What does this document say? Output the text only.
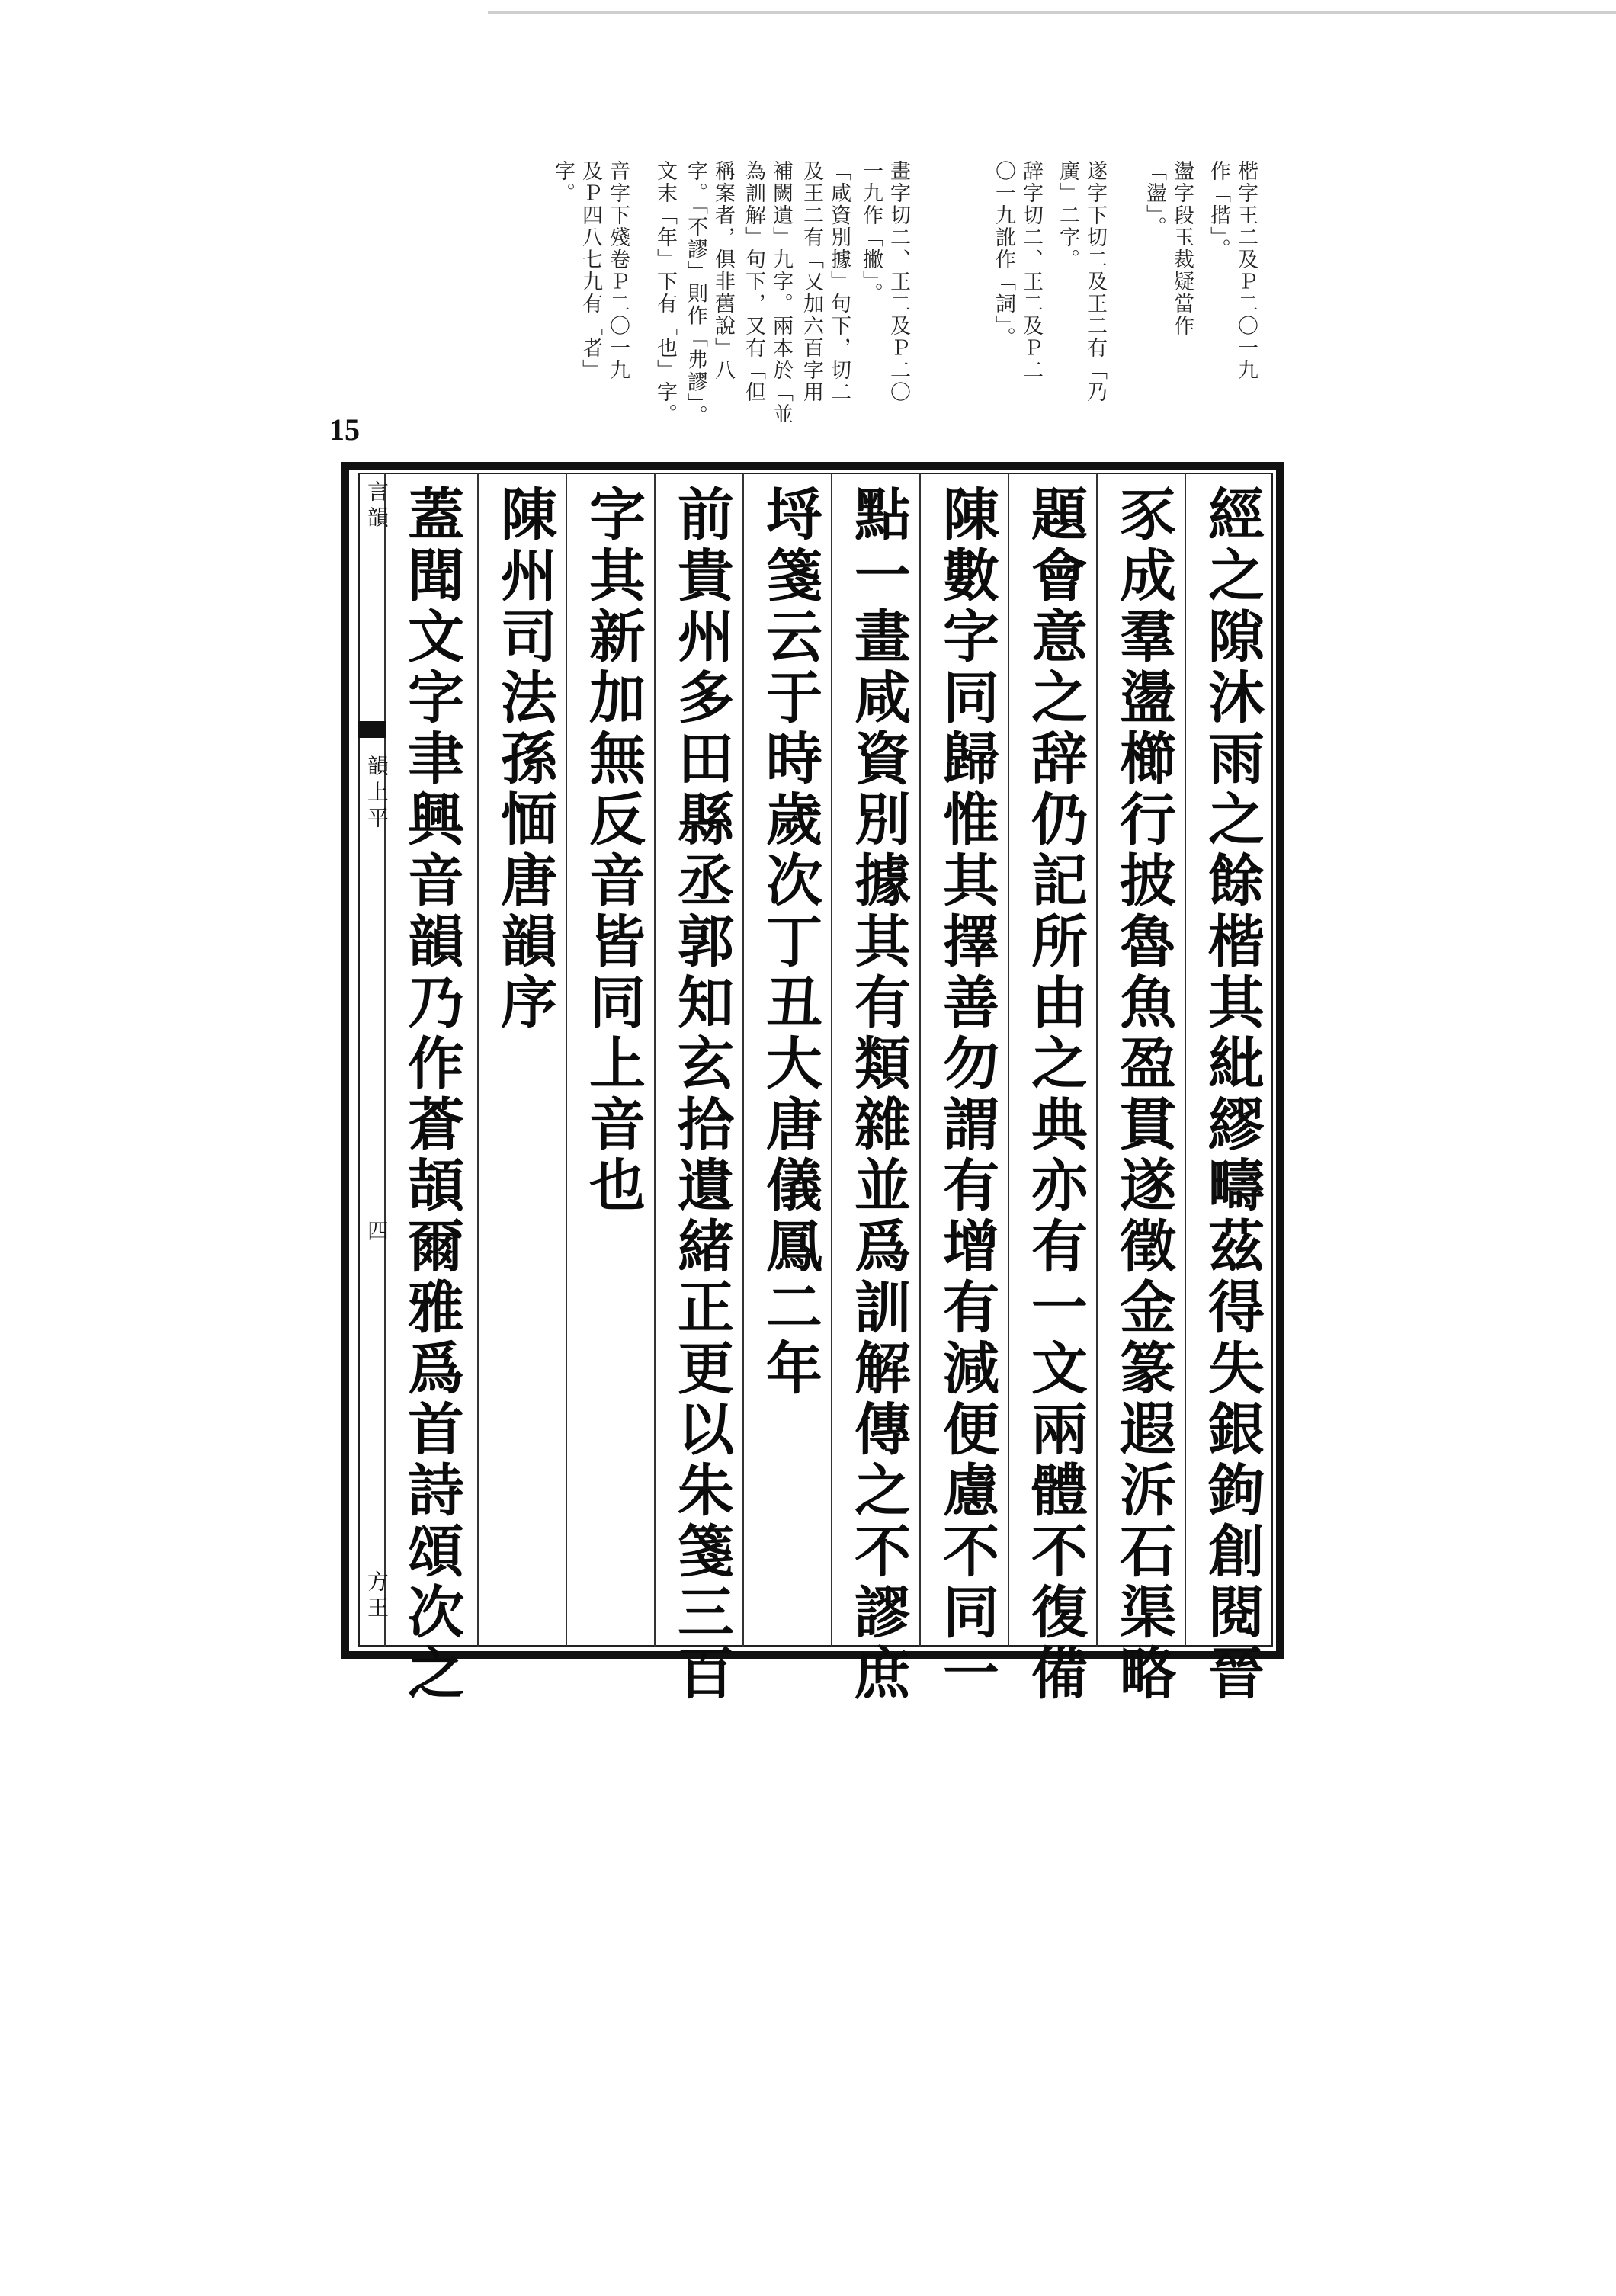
15
楷字王二及Ｐ二〇一九
作「揩」。
盪字段玉裁疑當作
「盪」。
遂字下切二及王二有「乃
廣」二字。
辞字切二、王二及Ｐ二
〇一九訛作「詞」。
畫字切二、王二及Ｐ二〇
一九作「撇」。
「咸資別據」句下，切二
及王二有「又加六百字用
補闕遺」九字。兩本於「並
為訓解」句下，又有「但
稱案者，俱非舊說」八
字。「不謬」則作「弗謬」。
文末「年」下有「也」字。
音字下殘卷Ｐ二〇一九
及Ｐ四八七九有「者」
字。
經之隙沐雨之餘楷其紕繆疇茲得失銀鉤創閱晉
豕成羣盪櫛行披魯魚盈貫遂徵金篆遐泝石渠略
題會意之辞仍記所由之典亦有一文兩體不復備
陳數字同歸惟其擇善勿謂有增有減便慮不同一
點一畫咸資別據其有類雜並爲訓解傳之不謬庶
埒箋云于時歲次丁丑大唐儀鳳二年
前貴州多田縣丞郭知玄拾遺緒正更以朱箋三百
字其新加無反音皆同上音也
陳州司法孫愐唐韻序
蓋聞文字聿興音韻乃作蒼頡爾雅爲首詩頌次之
言韻
韻上平
四
方王
